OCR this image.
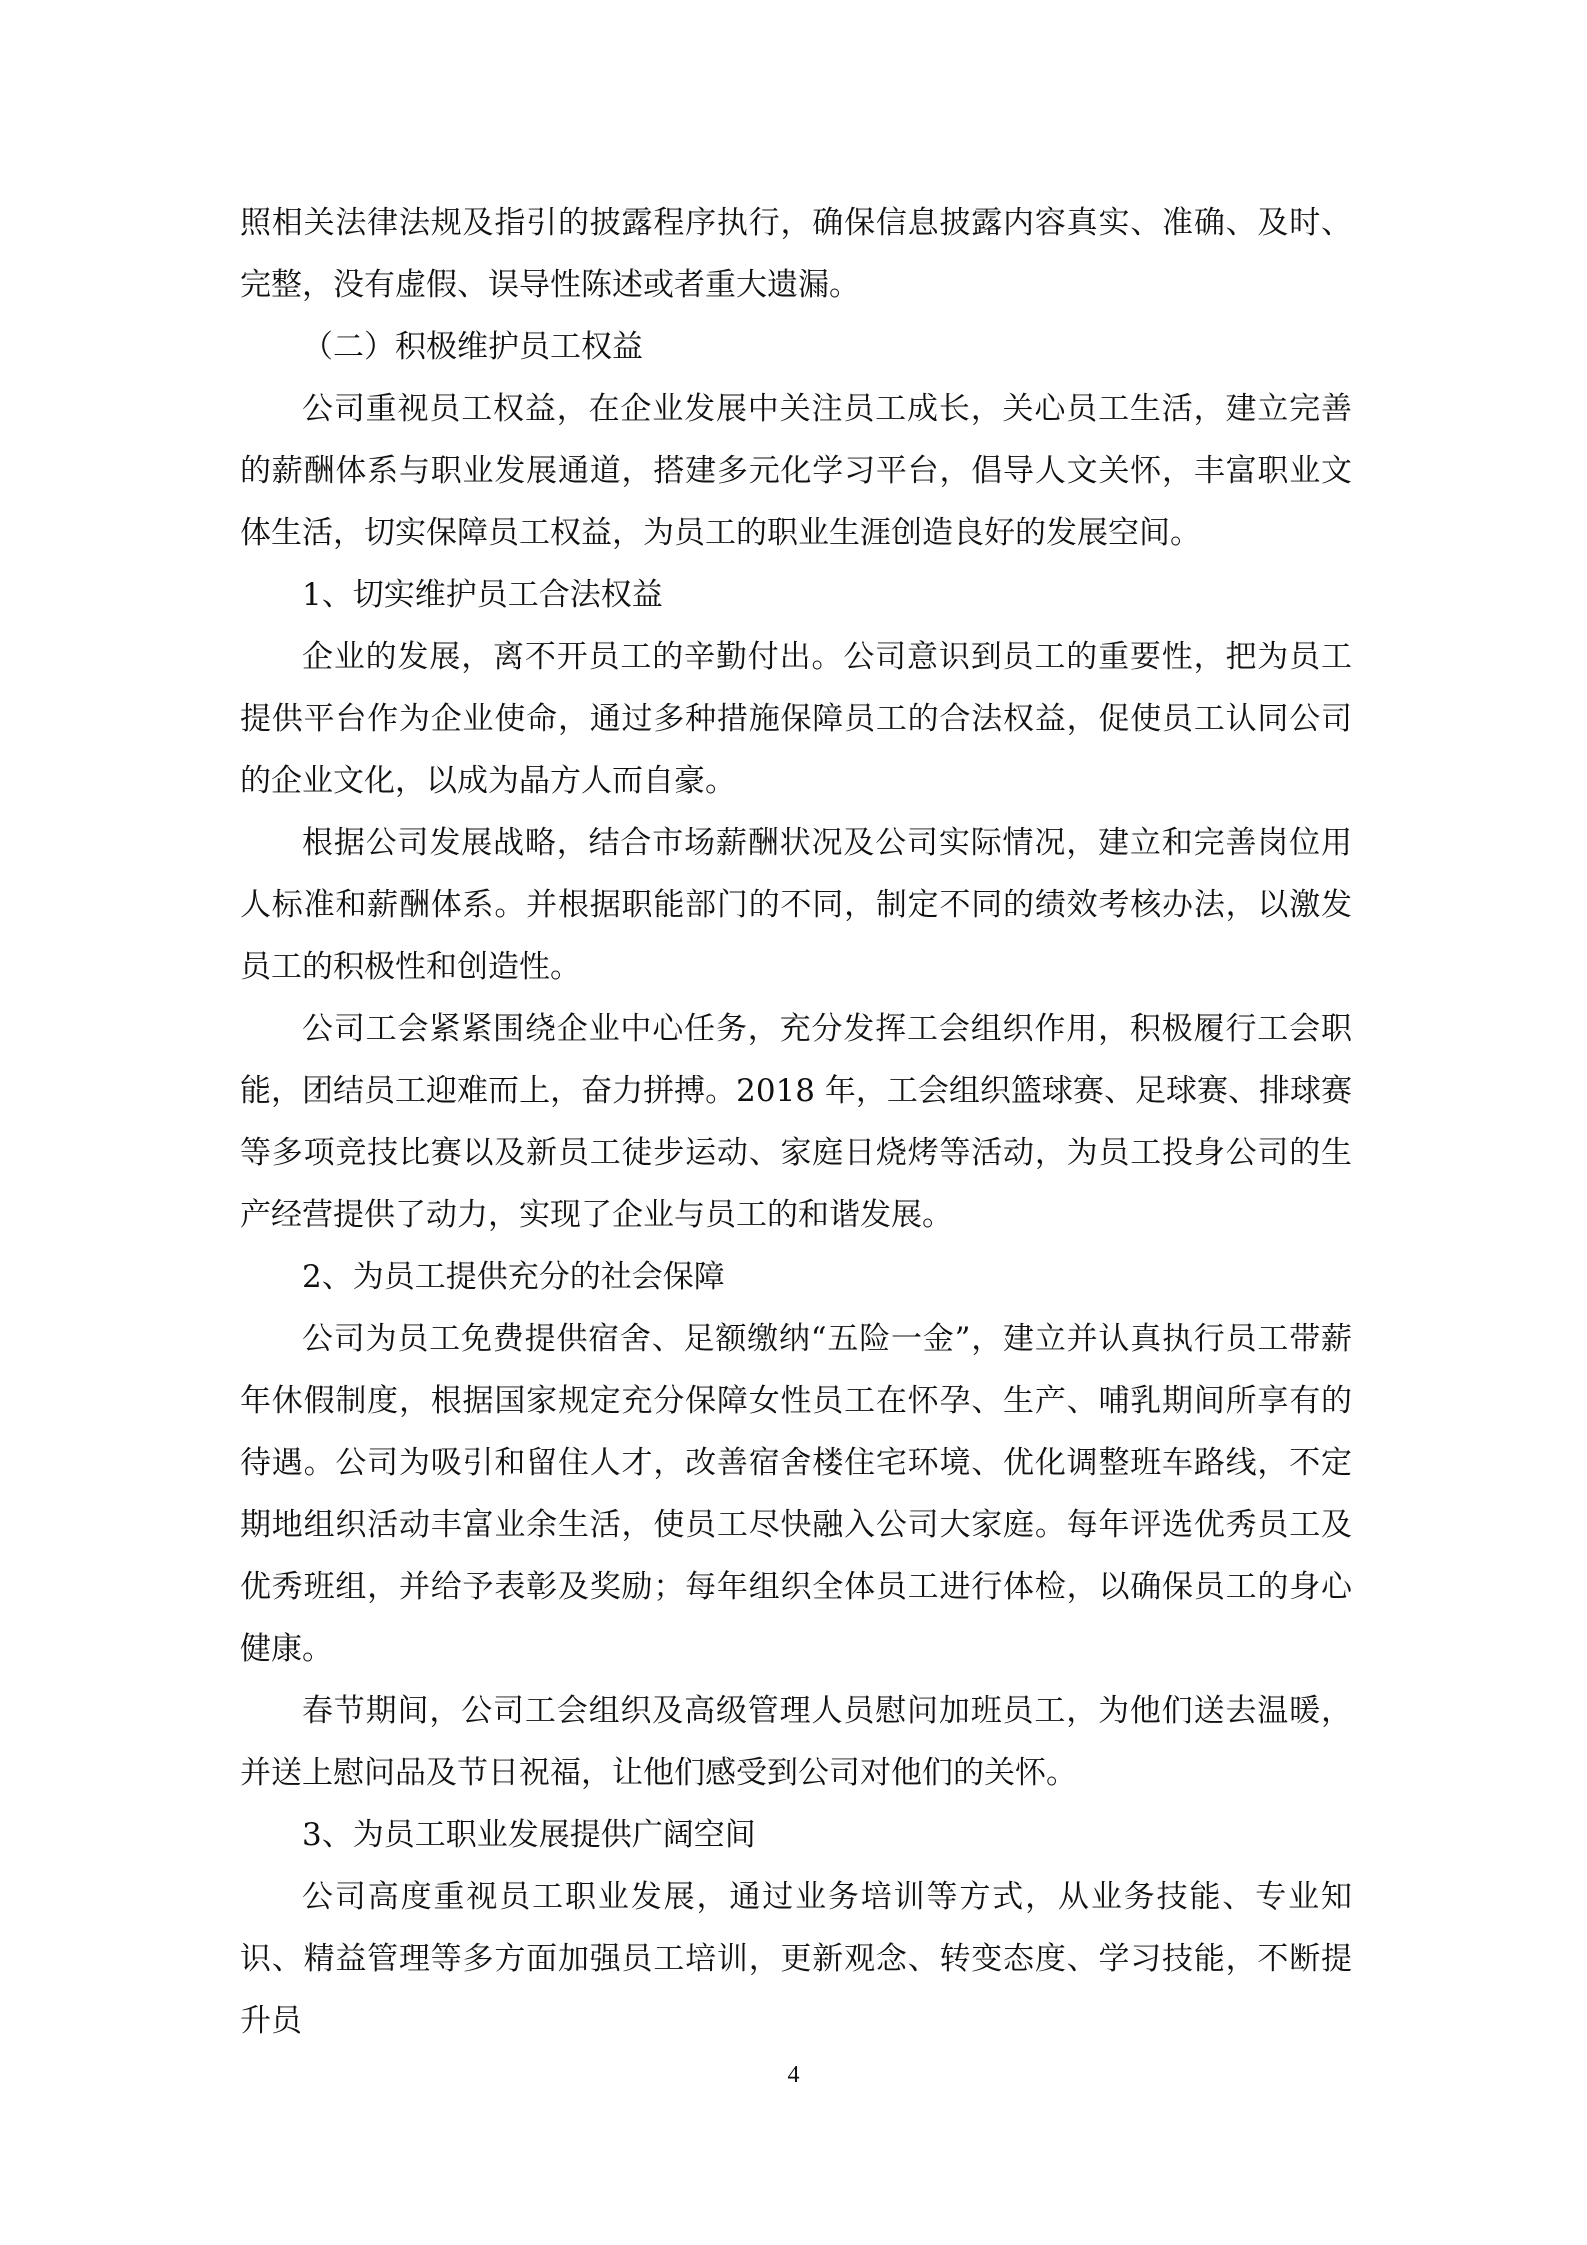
照相关法律法规及指引的披露程序执行，确保信息披露内容真实、准确、及时、完整，没有虚假、误导性陈述或者重大遗漏。

（二）积极维护员工权益

公司重视员工权益，在企业发展中关注员工成长，关心员工生活，建立完善的薪酬体系与职业发展通道，搭建多元化学习平台，倡导人文关怀，丰富职业文体生活，切实保障员工权益，为员工的职业生涯创造良好的发展空间。

1、切实维护员工合法权益

企业的发展，离不开员工的辛勤付出。公司意识到员工的重要性，把为员工提供平台作为企业使命，通过多种措施保障员工的合法权益，促使员工认同公司的企业文化，以成为晶方人而自豪。

根据公司发展战略，结合市场薪酬状况及公司实际情况，建立和完善岗位用人标准和薪酬体系。并根据职能部门的不同，制定不同的绩效考核办法，以激发员工的积极性和创造性。

公司工会紧紧围绕企业中心任务，充分发挥工会组织作用，积极履行工会职能，团结员工迎难而上，奋力拼搏。2018 年，工会组织篮球赛、足球赛、排球赛等多项竞技比赛以及新员工徒步运动、家庭日烧烤等活动，为员工投身公司的生产经营提供了动力，实现了企业与员工的和谐发展。

2、为员工提供充分的社会保障

公司为员工免费提供宿舍、足额缴纳“五险一金”，建立并认真执行员工带薪年休假制度，根据国家规定充分保障女性员工在怀孕、生产、哺乳期间所享有的待遇。公司为吸引和留住人才，改善宿舍楼住宅环境、优化调整班车路线，不定期地组织活动丰富业余生活，使员工尽快融入公司大家庭。每年评选优秀员工及优秀班组，并给予表彰及奖励；每年组织全体员工进行体检，以确保员工的身心健康。

春节期间，公司工会组织及高级管理人员慰问加班员工，为他们送去温暖，并送上慰问品及节日祝福，让他们感受到公司对他们的关怀。

3、为员工职业发展提供广阔空间

公司高度重视员工职业发展，通过业务培训等方式，从业务技能、专业知识、精益管理等多方面加强员工培训，更新观念、转变态度、学习技能，不断提升员

4
